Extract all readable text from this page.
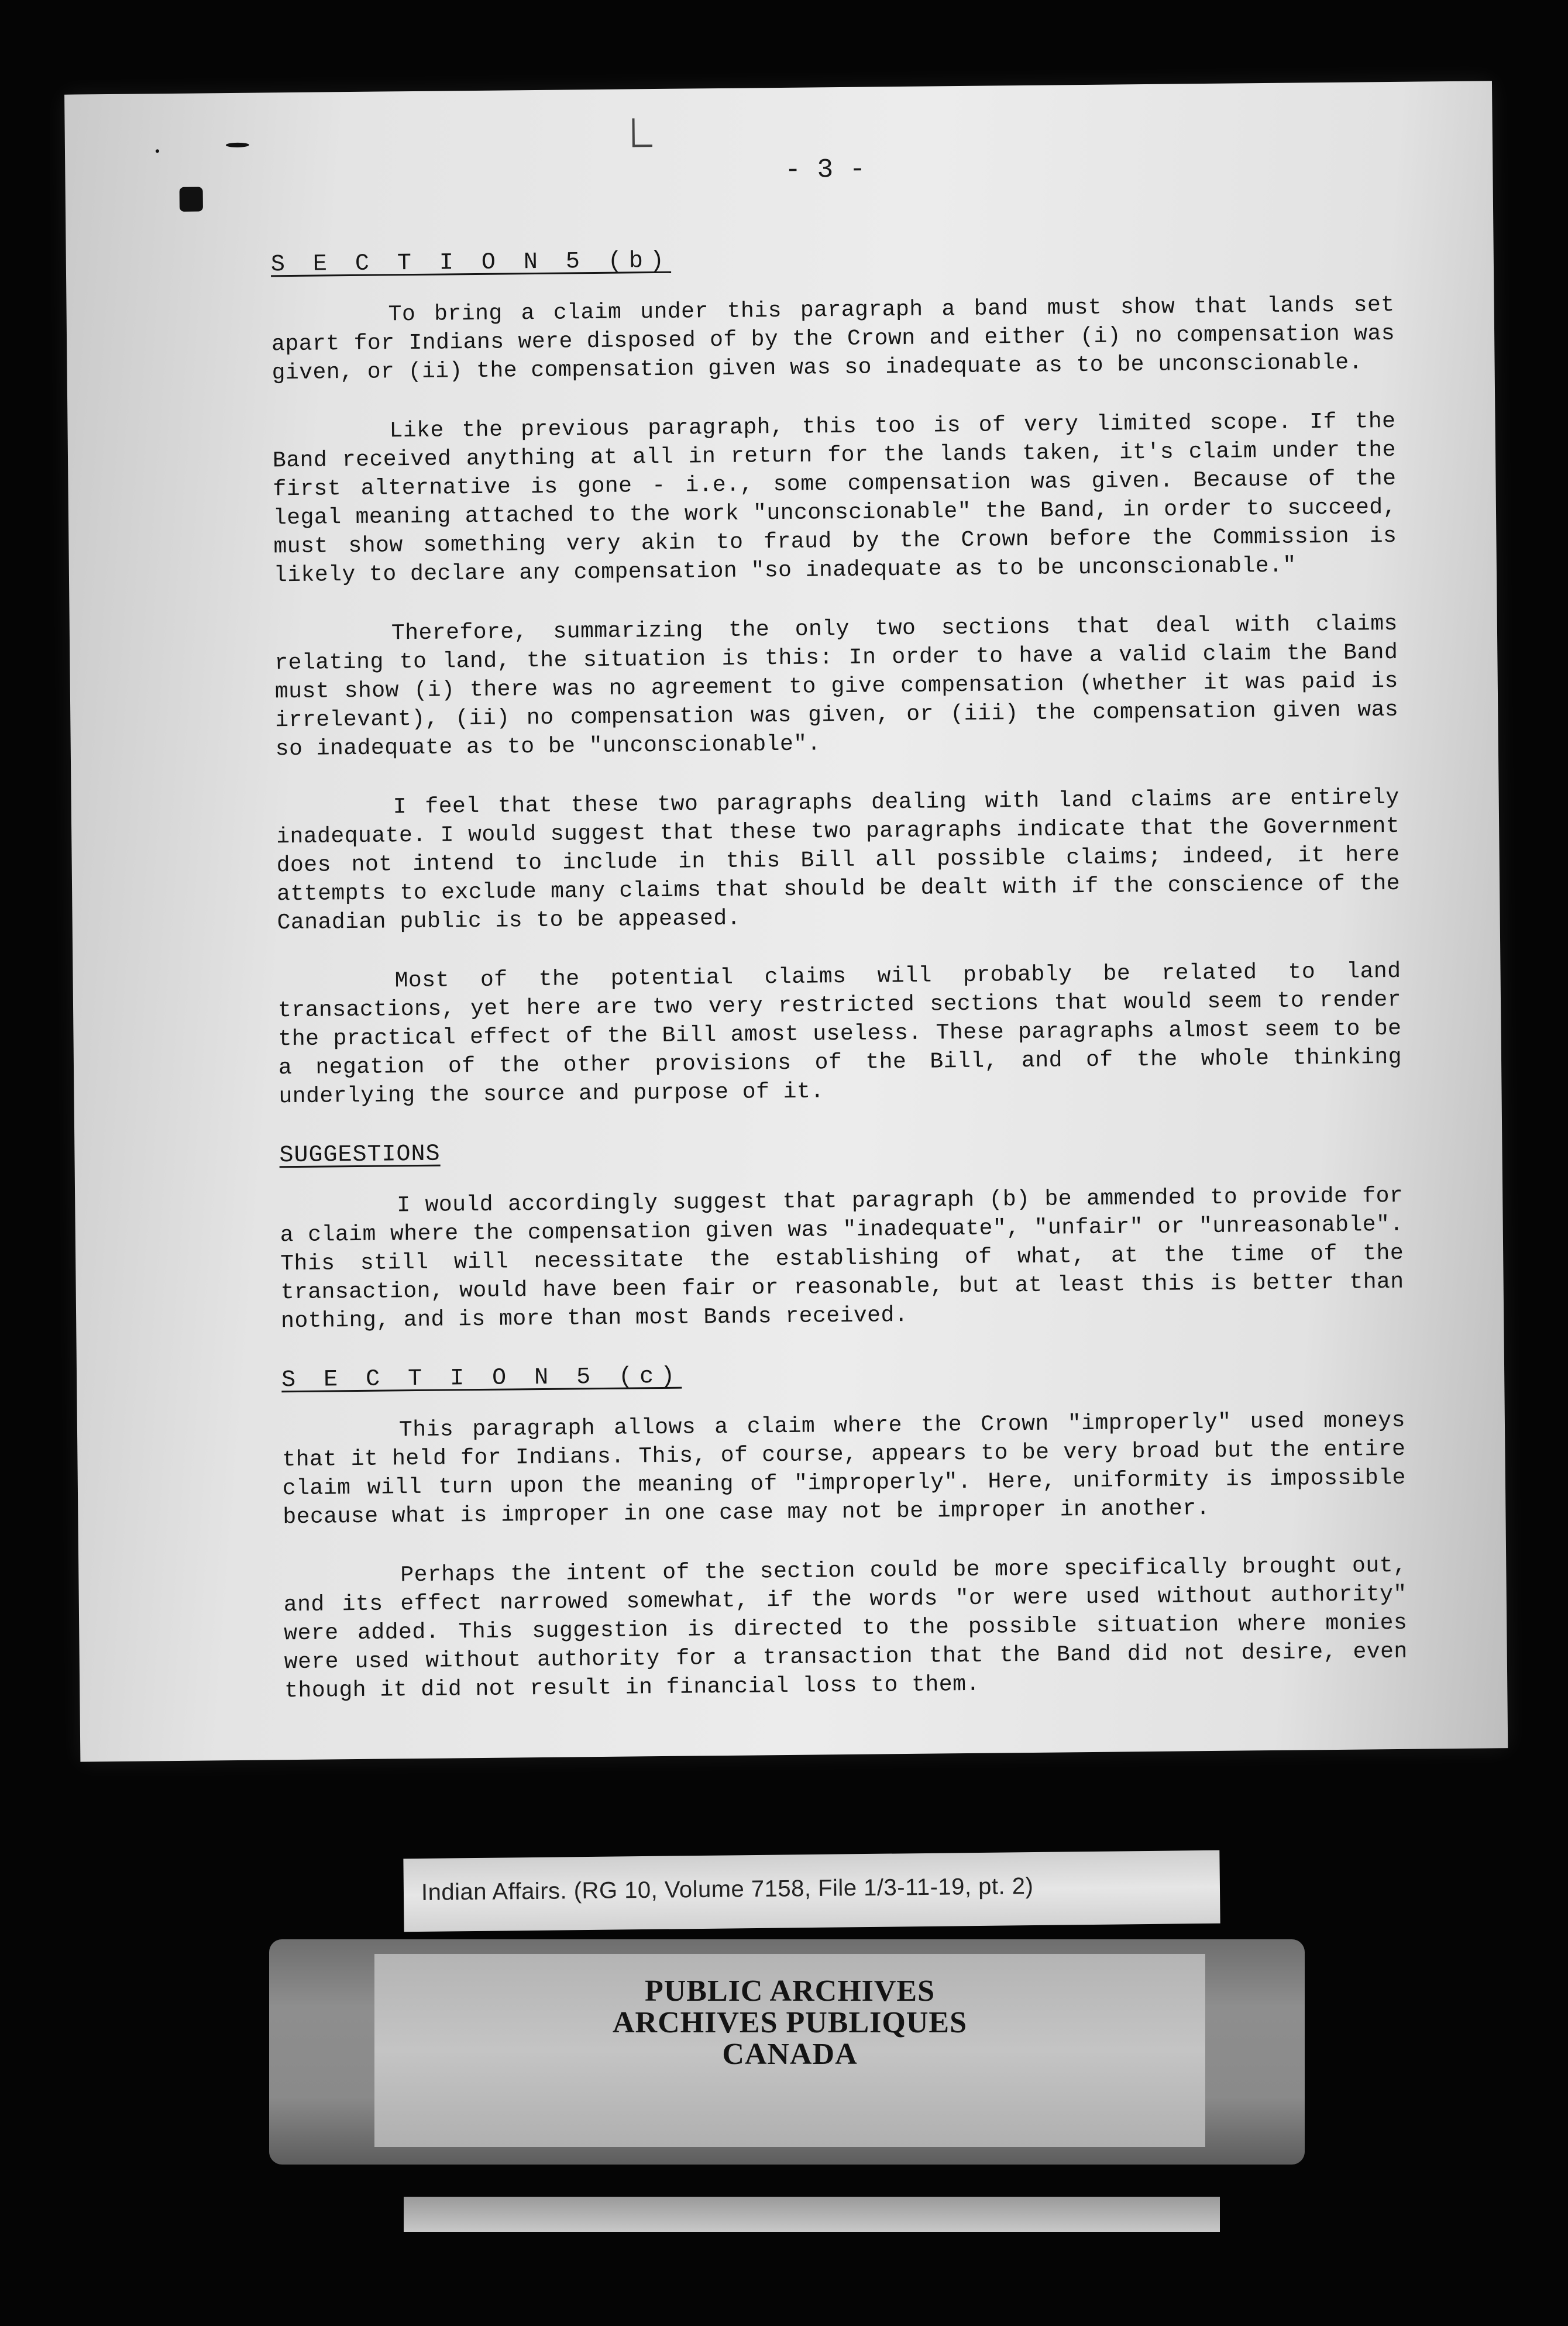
- 3 -
S E C T I O N 5 (b)

To bring a claim under this paragraph a band must show that lands set apart for Indians were disposed of by the Crown and either (i) no compensation was given, or (ii) the compensation given was so inadequate as to be unconscionable.

Like the previous paragraph, this too is of very limited scope. If the Band received anything at all in return for the lands taken, it's claim under the first alternative is gone - i.e., some compensation was given. Because of the legal meaning attached to the work "unconscionable" the Band, in order to succeed, must show something very akin to fraud by the Crown before the Commission is likely to declare any compensation "so inadequate as to be unconscionable."

Therefore, summarizing the only two sections that deal with claims relating to land, the situation is this: In order to have a valid claim the Band must show (i) there was no agreement to give compensation (whether it was paid is irrelevant), (ii) no compensation was given, or (iii) the compensation given was so inadequate as to be "unconscionable".

I feel that these two paragraphs dealing with land claims are entirely inadequate. I would suggest that these two paragraphs indicate that the Government does not intend to include in this Bill all possible claims; indeed, it here attempts to exclude many claims that should be dealt with if the conscience of the Canadian public is to be appeased.

Most of the potential claims will probably be related to land transactions, yet here are two very restricted sections that would seem to render the practical effect of the Bill amost useless. These paragraphs almost seem to be a negation of the other provisions of the Bill, and of the whole thinking underlying the source and purpose of it.

SUGGESTIONS

I would accordingly suggest that paragraph (b) be ammended to provide for a claim where the compensation given was "inadequate", "unfair" or "unreasonable". This still will necessitate the establishing of what, at the time of the transaction, would have been fair or reasonable, but at least this is better than nothing, and is more than most Bands received.

S E C T I O N 5 (c)

This paragraph allows a claim where the Crown "improperly" used moneys that it held for Indians. This, of course, appears to be very broad but the entire claim will turn upon the meaning of "improperly". Here, uniformity is impossible because what is improper in one case may not be improper in another.

Perhaps the intent of the section could be more specifically brought out, and its effect narrowed somewhat, if the words "or were used without authority" were added. This suggestion is directed to the possible situation where monies were used without authority for a transaction that the Band did not desire, even though it did not result in financial loss to them.

Indian Affairs. (RG 10, Volume 7158, File 1/3-11-19, pt. 2)
PUBLIC ARCHIVES
ARCHIVES PUBLIQUES
CANADA
